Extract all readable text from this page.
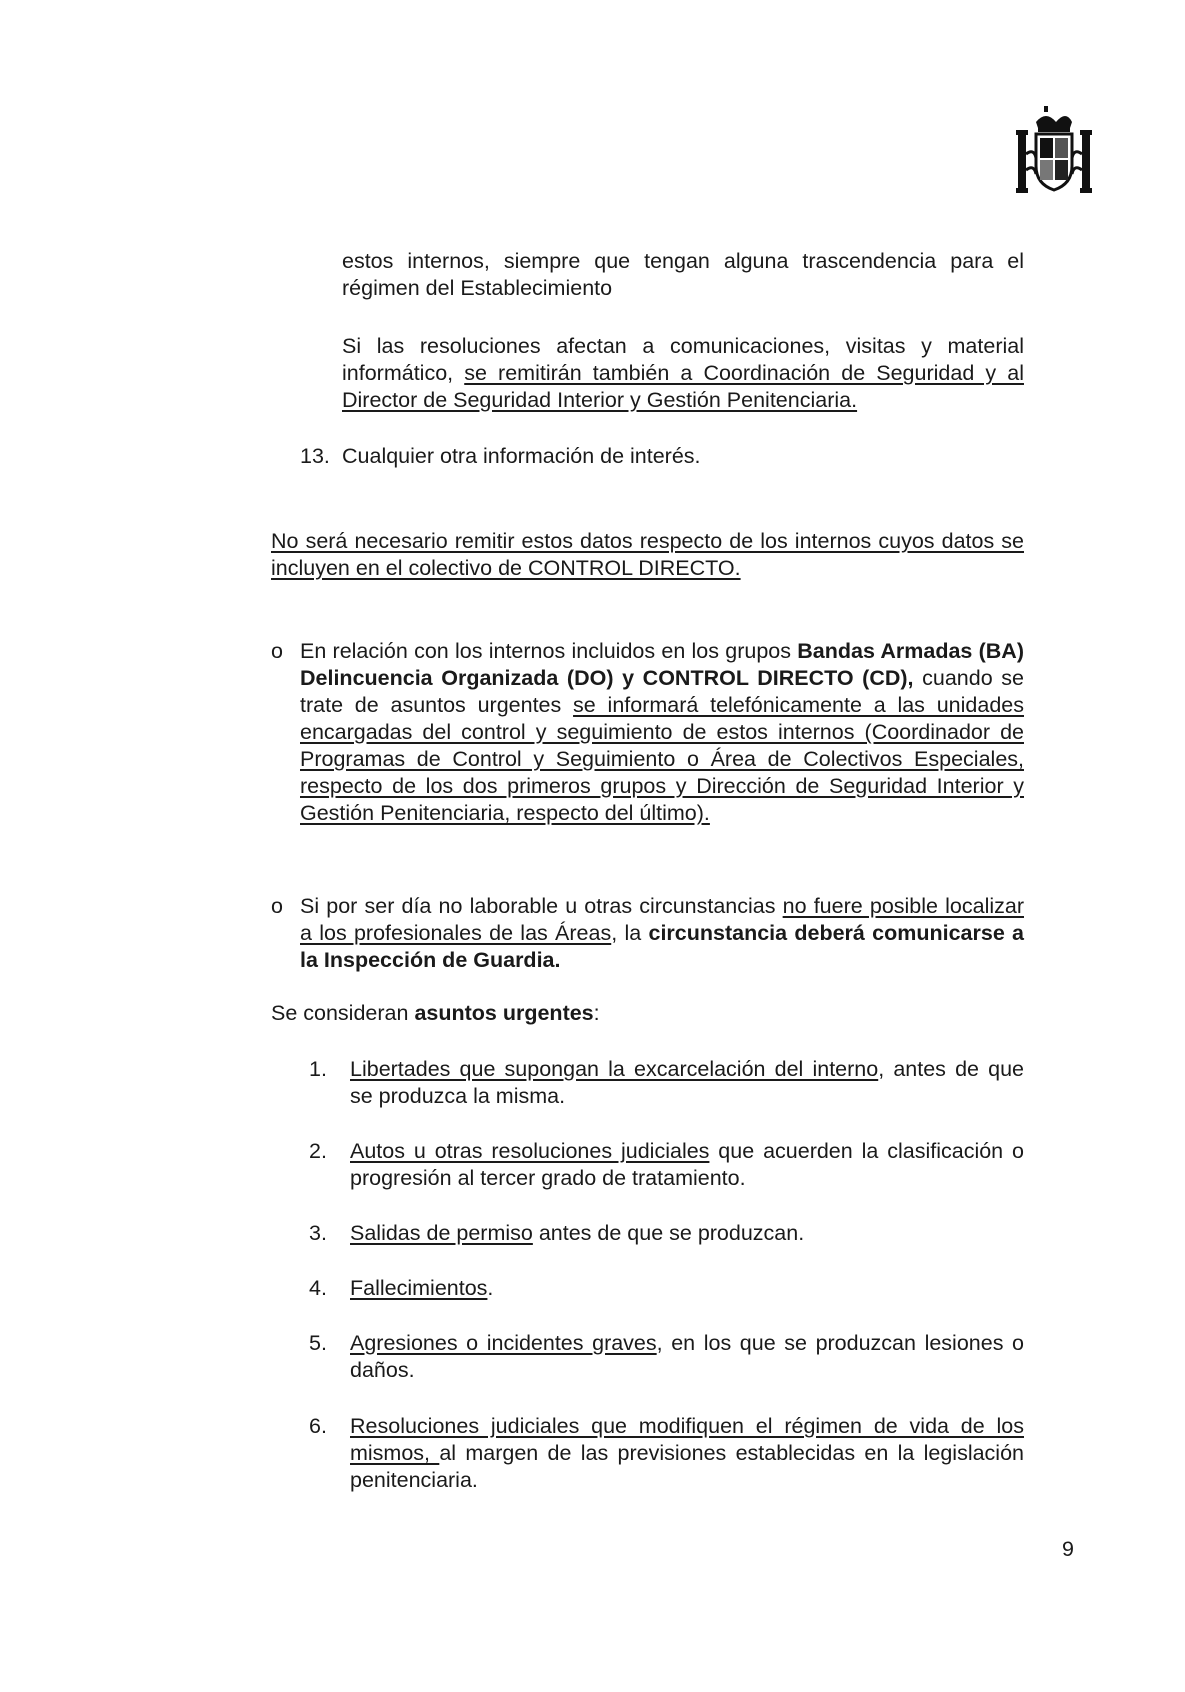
estos internos, siempre que tengan alguna trascendencia para el régimen del Establecimiento
Si las resoluciones afectan a comunicaciones, visitas y material informático, se remitirán también a Coordinación de Seguridad y al Director de Seguridad Interior y Gestión Penitenciaria.
13. Cualquier otra información de interés.
No será necesario remitir estos datos respecto de los internos cuyos datos se incluyen en el colectivo de CONTROL DIRECTO.
o En relación con los internos incluidos en los grupos Bandas Armadas (BA) Delincuencia Organizada (DO) y CONTROL DIRECTO (CD), cuando se trate de asuntos urgentes se informará telefónicamente a las unidades encargadas del control y seguimiento de estos internos (Coordinador de Programas de Control y Seguimiento o Área de Colectivos Especiales, respecto de los dos primeros grupos y Dirección de Seguridad Interior y Gestión Penitenciaria, respecto del último).
o Si por ser día no laborable u otras circunstancias no fuere posible localizar a los profesionales de las Áreas, la circunstancia deberá comunicarse a la Inspección de Guardia.
Se consideran asuntos urgentes:
1. Libertades que supongan la excarcelación del interno, antes de que se produzca la misma.
2. Autos u otras resoluciones judiciales que acuerden la clasificación o progresión al tercer grado de tratamiento.
3. Salidas de permiso antes de que se produzcan.
4. Fallecimientos.
5. Agresiones o incidentes graves, en los que se produzcan lesiones o daños.
6. Resoluciones judiciales que modifiquen el régimen de vida de los mismos, al margen de las previsiones establecidas en la legislación penitenciaria.
9
